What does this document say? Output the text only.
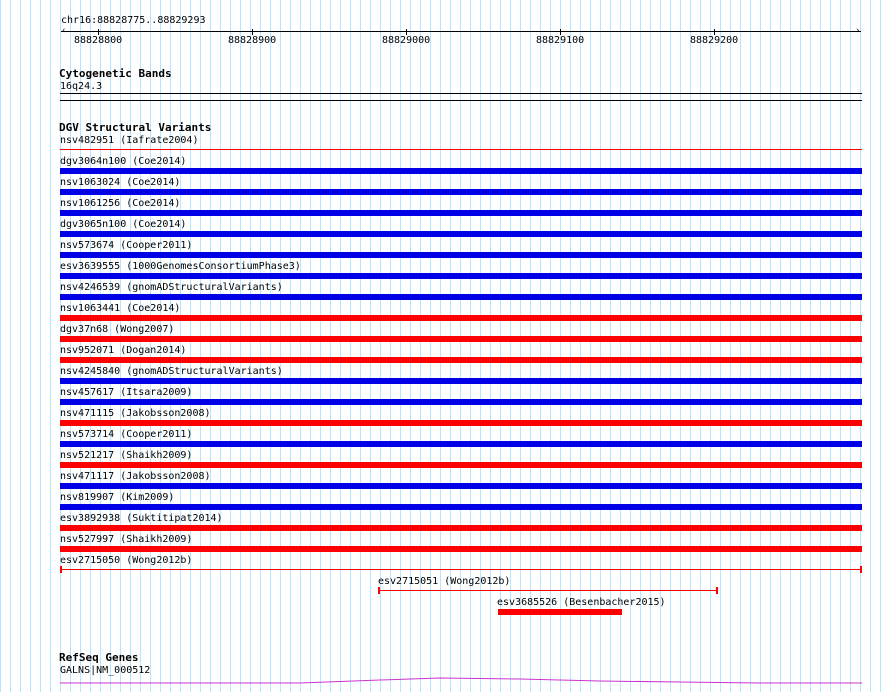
chr16:88828775..88829293
‹	›
88828800	88828900	88829000	88829100	88829200
Cytogenetic Bands
16q24.3
DGV Structural Variants
nsv482951 (Iafrate2004)
dgv3064n100 (Coe2014)
nsv1063024 (Coe2014)
nsv1061256 (Coe2014)
dgv3065n100 (Coe2014)
nsv573674 (Cooper2011)
esv3639555 (1000GenomesConsortiumPhase3)
nsv4246539 (gnomADStructuralVariants)
nsv1063441 (Coe2014)
dgv37n68 (Wong2007)
nsv952071 (Dogan2014)
nsv4245840 (gnomADStructuralVariants)
nsv457617 (Itsara2009)
nsv471115 (Jakobsson2008)
nsv573714 (Cooper2011)
nsv521217 (Shaikh2009)
nsv471117 (Jakobsson2008)
nsv819907 (Kim2009)
esv3892938 (Suktitipat2014)
nsv527997 (Shaikh2009)
esv2715050 (Wong2012b)
esv2715051 (Wong2012b)
esv3685526 (Besenbacher2015)
RefSeq Genes
GALNS|NM_000512
